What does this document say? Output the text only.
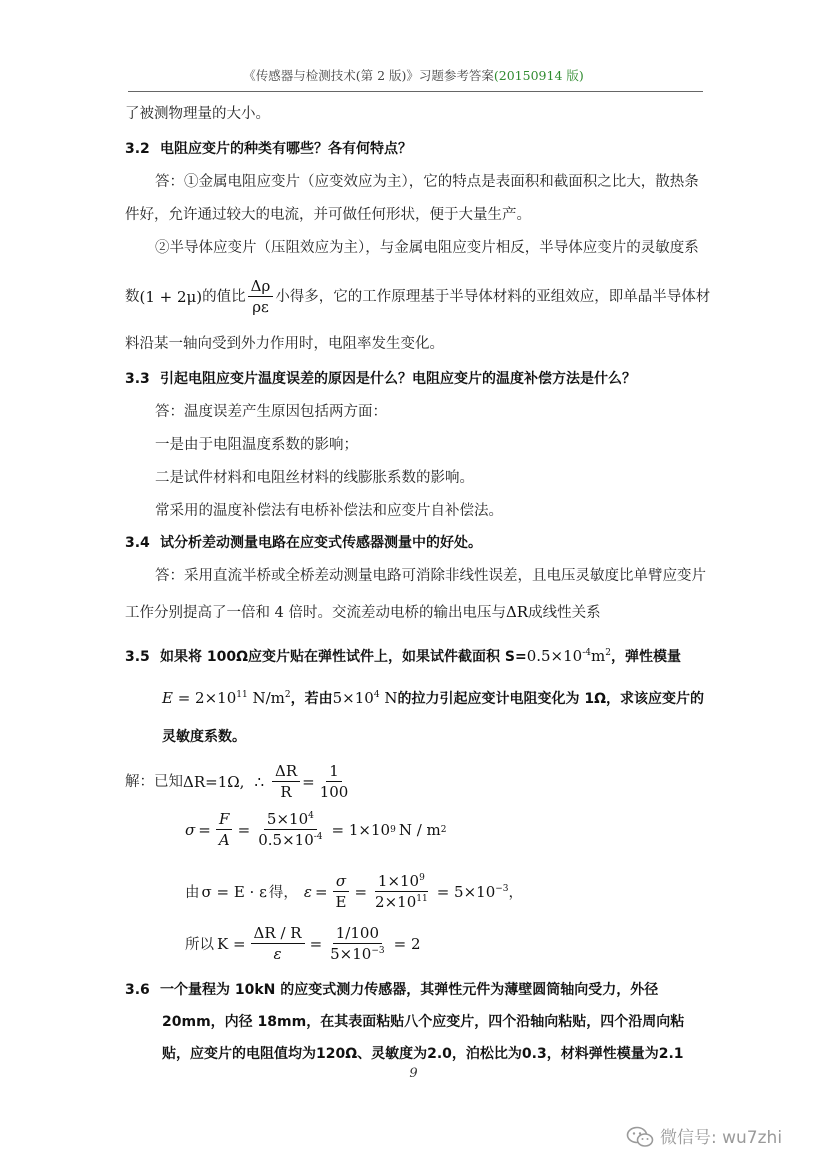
《传感器与检测技术(第 2 版)》习题参考答案(20150914 版)
了被测物理量的大小。
3.2 电阻应变片的种类有哪些？各有何特点？
答：①金属电阻应变片（应变效应为主），它的特点是表面积和截面积之比大，散热条
件好，允许通过较大的电流，并可做任何形状，便于大量生产。
②半导体应变片（压阻效应为主），与金属电阻应变片相反，半导体应变片的灵敏度系
数 (1 + 2μ) 的值比 $\frac{\Delta\rho}{\rho\varepsilon}$ 小得多，它的工作原理基于半导体材料的亚组效应，即单晶半导体材
料沿某一轴向受到外力作用时，电阻率发生变化。
3.3 引起电阻应变片温度误差的原因是什么？电阻应变片的温度补偿方法是什么？
答：温度误差产生原因包括两方面：
一是由于电阻温度系数的影响；
二是试件材料和电阻丝材料的线膨胀系数的影响。
常采用的温度补偿法有电桥补偿法和应变片自补偿法。
3.4 试分析差动测量电路在应变式传感器测量中的好处。
答：采用直流半桥或全桥差动测量电路可消除非线性误差，且电压灵敏度比单臂应变片
工作分别提高了一倍和 4 倍时。交流差动电桥的输出电压与ΔR成线性关系
3.5 如果将 100Ω应变片贴在弹性试件上，如果试件截面积 $S=0.5\times 10^{-4}m^2$，弹性模量
$E = 2\times 10^{11}$ $N/m^2$，若由$5\times 10^4$ N的拉力引起应变计电阻变化为 1Ω，求该应变片的
灵敏度系数。
解：已知 ΔR=1Ω, ∴ $\frac{\Delta R}{R} = \frac{1}{100}$
$\sigma = \frac{F}{A} = \frac{5\times 10^4}{0.5\times 10^{-4}} = 1\times 10$ 9 N / m 2
由 σ = E · ε 得， $\varepsilon = \frac{\sigma}{E} = \frac{1\times 10^9}{2\times 10^{11}} = 5\times 10^{-3}$ ，
所以 $K = \frac{\Delta R / R}{\varepsilon} = \frac{1/100}{5\times 10^{-3}} = 2$
3.6 一个量程为 10kN 的应变式测力传感器，其弹性元件为薄壁圆筒轴向受力，外径
20mm，内径 18mm，在其表面粘贴八个应变片，四个沿轴向粘贴，四个沿周向粘
贴，应变片的电阻值均为120Ω、灵敏度为2.0，泊松比为0.3，材料弹性模量为2.1
9
微信号: wu7zhi
